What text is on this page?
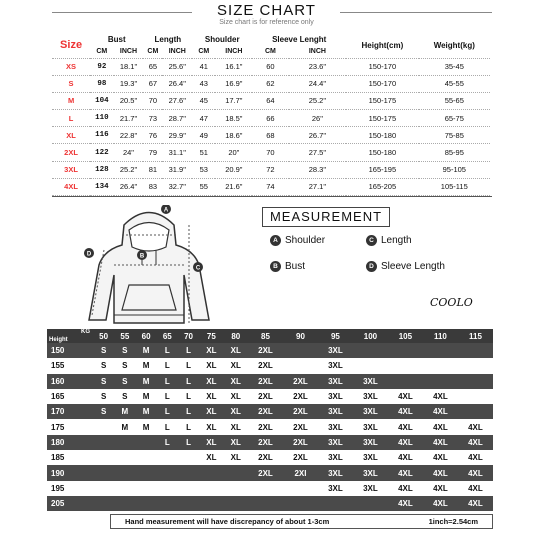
SIZE CHART
Size chart is for reference only
Size	Bust		Length		Shoulder		Sleeve Lenght		Height(cm)	Weight(kg)
	CM	INCH	CM	INCH	CM	INCH	CM	INCH		
XS	92	18.1"	65	25.6"	41	16.1"	60	23.6"	150-170	35-45
S	98	19.3"	67	26.4"	43	16.9"	62	24.4"	150-170	45-55
M	104	20.5"	70	27.6"	45	17.7"	64	25.2"	150-175	55-65
L	110	21.7"	73	28.7"	47	18.5"	66	26"	150-175	65-75
XL	116	22.8"	76	29.9"	49	18.6"	68	26.7"	150-180	75-85
2XL	122	24"	79	31.1"	51	20"	70	27.5"	150-180	85-95
3XL	128	25.2"	81	31.9"	53	20.9"	72	28.3"	165-195	95-105
4XL	134	26.4"	83	32.7"	55	21.6"	74	27.1"	165-205	105-115
A
B
C
D
MEASUREMENT
A Shoulder	C Length
B Bust	D Sleeve Length
COOLO
KG
Height	50	55	60	65	70	75	80	85	90	95	100	105	110	115
150	S	S	M	L	L	XL	XL	2XL		3XL				
155	S	S	M	L	L	XL	XL	2XL		3XL				
160	S	S	M	L	L	XL	XL	2XL	2XL	3XL	3XL			
165	S	S	M	L	L	XL	XL	2XL	2XL	3XL	3XL	4XL	4XL	
170	S	M	M	L	L	XL	XL	2XL	2XL	3XL	3XL	4XL	4XL	
175		M	M	L	L	XL	XL	2XL	2XL	3XL	3XL	4XL	4XL	4XL
180				L	L	XL	XL	2XL	2XL	3XL	3XL	4XL	4XL	4XL
185						XL	XL	2XL	2XL	3XL	3XL	4XL	4XL	4XL
190								2XL	2XI	3XL	3XL	4XL	4XL	4XL
195										3XL	3XL	4XL	4XL	4XL
205												4XL	4XL	4XL
Hand measurement will have discrepancy of about 1-3cm	1inch=2.54cm
